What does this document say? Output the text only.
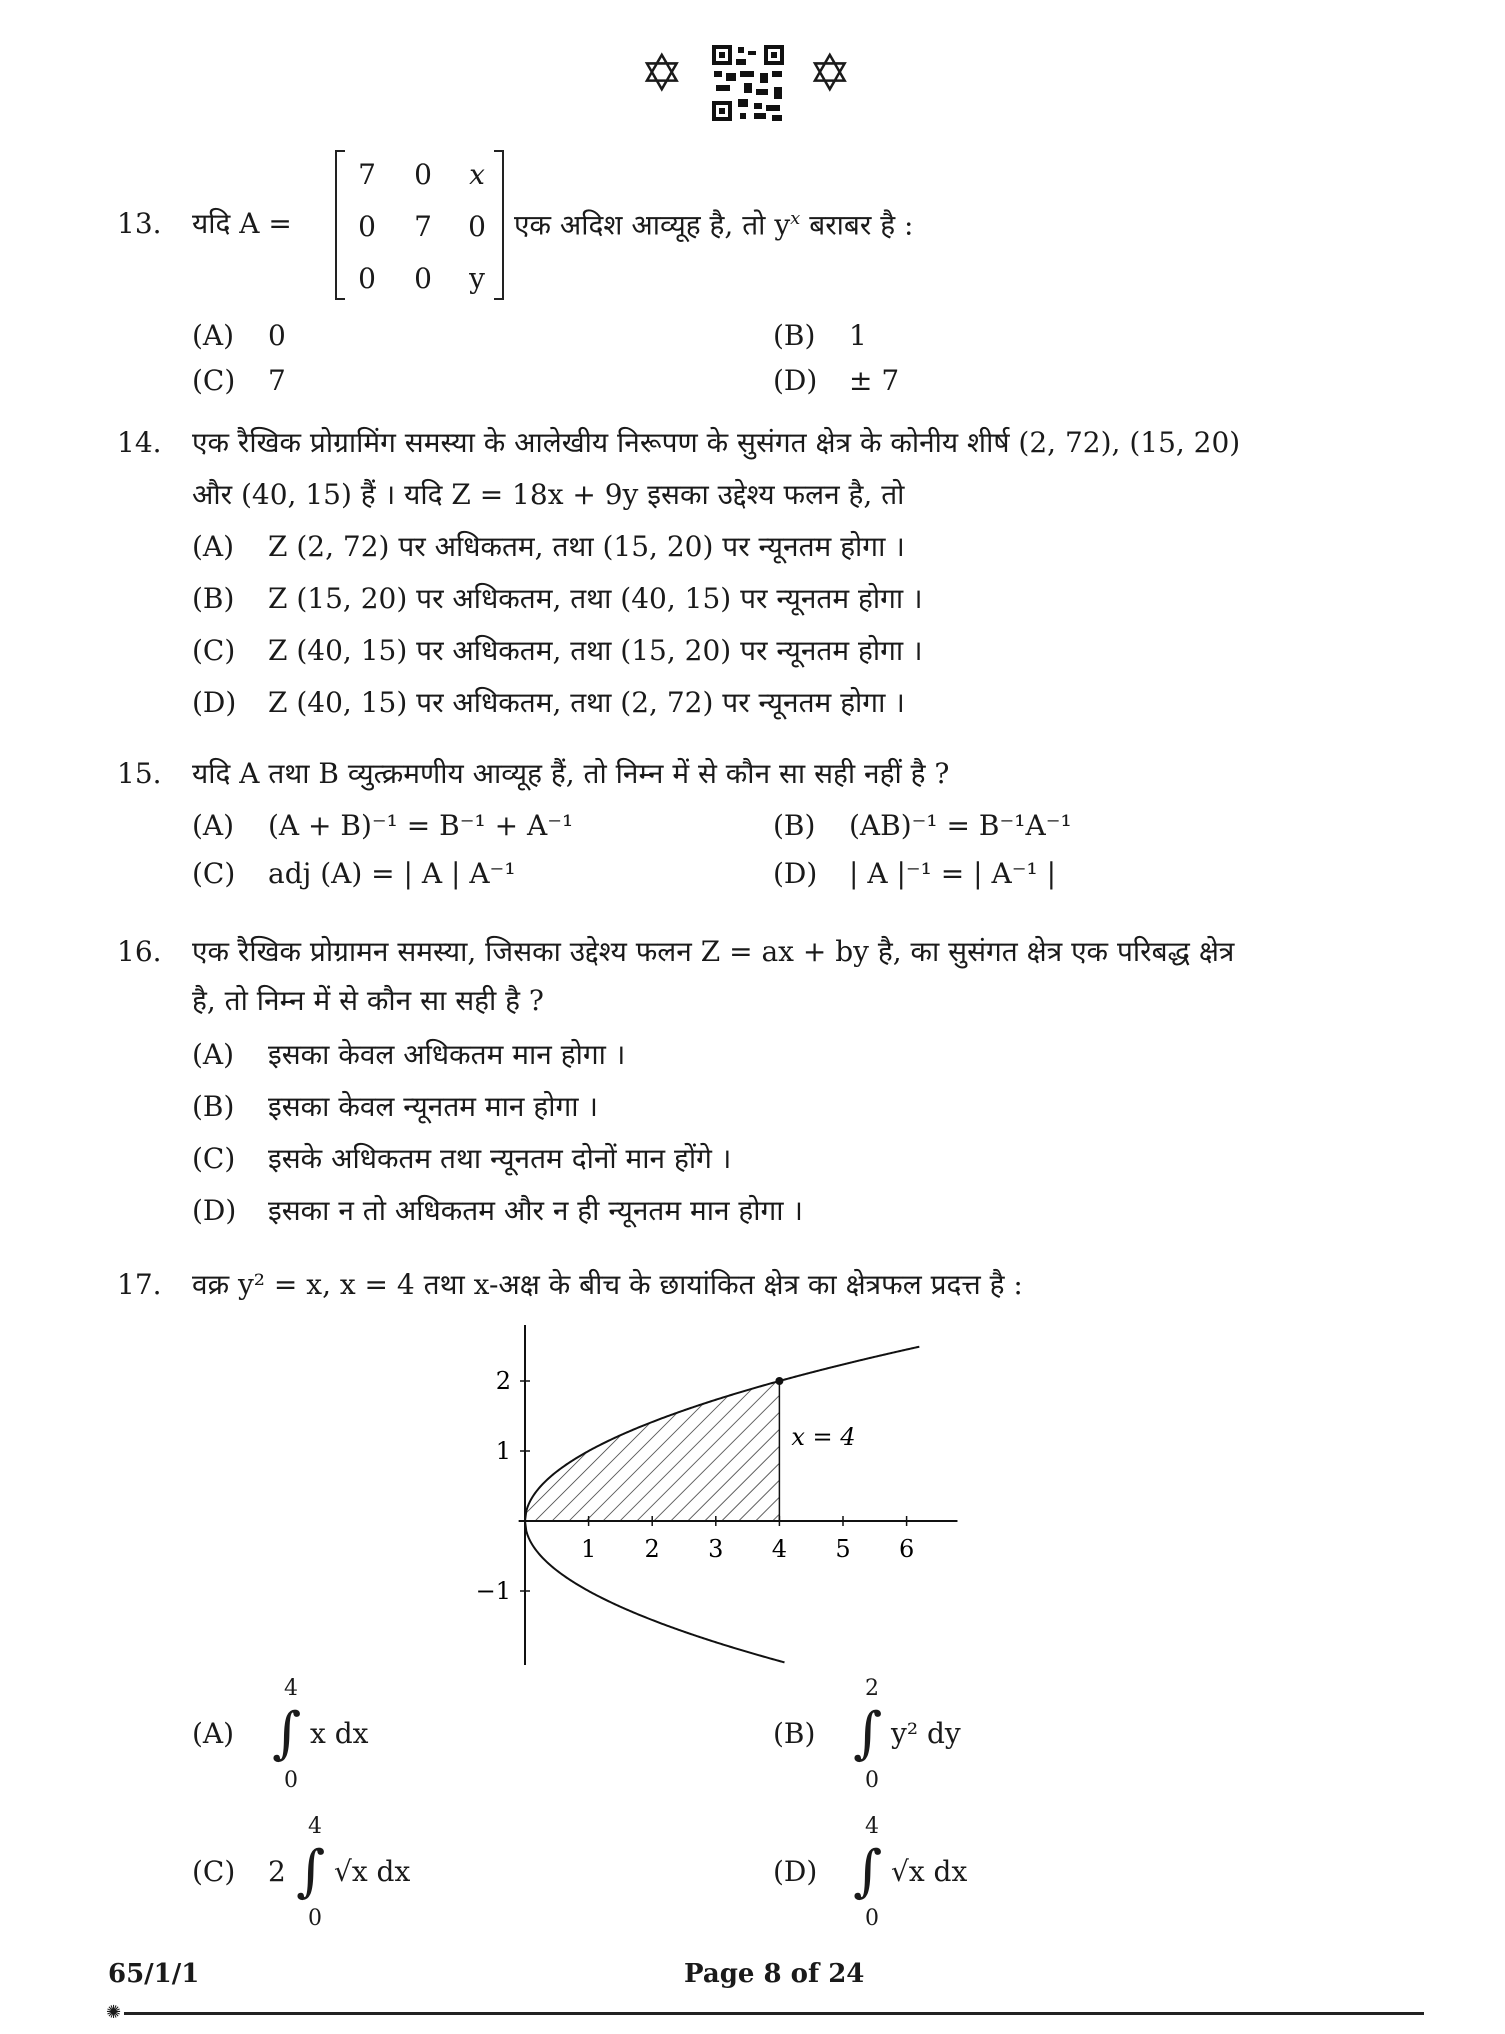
✡ ✡
13. यदि A =
7	0	x
0	7	0
0	0	y
एक अदिश आव्यूह है, तो $y^x$ बराबर है :
(A) 0	(B) 1
(C) 7	(D) ± 7
14. एक रैखिक प्रोग्रामिंग समस्या के आलेखीय निरूपण के सुसंगत क्षेत्र के कोनीय शीर्ष (2, 72), (15, 20)
और (40, 15) हैं । यदि Z = 18x + 9y इसका उद्देश्य फलन है, तो
(A) Z (2, 72) पर अधिकतम, तथा (15, 20) पर न्यूनतम होगा ।
(B) Z (15, 20) पर अधिकतम, तथा (40, 15) पर न्यूनतम होगा ।
(C) Z (40, 15) पर अधिकतम, तथा (15, 20) पर न्यूनतम होगा ।
(D) Z (40, 15) पर अधिकतम, तथा (2, 72) पर न्यूनतम होगा ।
15. यदि A तथा B व्युत्क्रमणीय आव्यूह हैं, तो निम्न में से कौन सा सही नहीं है ?
(A) (A + B)⁻¹ = B⁻¹ + A⁻¹	(B) (AB)⁻¹ = B⁻¹A⁻¹
(C) adj (A) = | A | A⁻¹	(D) | A |⁻¹ = | A⁻¹ |
16. एक रैखिक प्रोग्रामन समस्या, जिसका उद्देश्य फलन Z = ax + by है, का सुसंगत क्षेत्र एक परिबद्ध क्षेत्र
है, तो निम्न में से कौन सा सही है ?
(A) इसका केवल अधिकतम मान होगा ।
(B) इसका केवल न्यूनतम मान होगा ।
(C) इसके अधिकतम तथा न्यूनतम दोनों मान होंगे ।
(D) इसका न तो अधिकतम और न ही न्यूनतम मान होगा ।
17. वक्र y² = x, x = 4 तथा x-अक्ष के बीच के छायांकित क्षेत्र का क्षेत्रफल प्रदत्त है :
1 2 3 4 5 6
2
1
−1
x = 4
(A) ∫
4
0
x dx	(B) ∫
2
0
y² dy
(C) 2 ∫
4
0
√x dx	(D) ∫
4
0
√x dx
65/1/1	Page 8 of 24
✺
